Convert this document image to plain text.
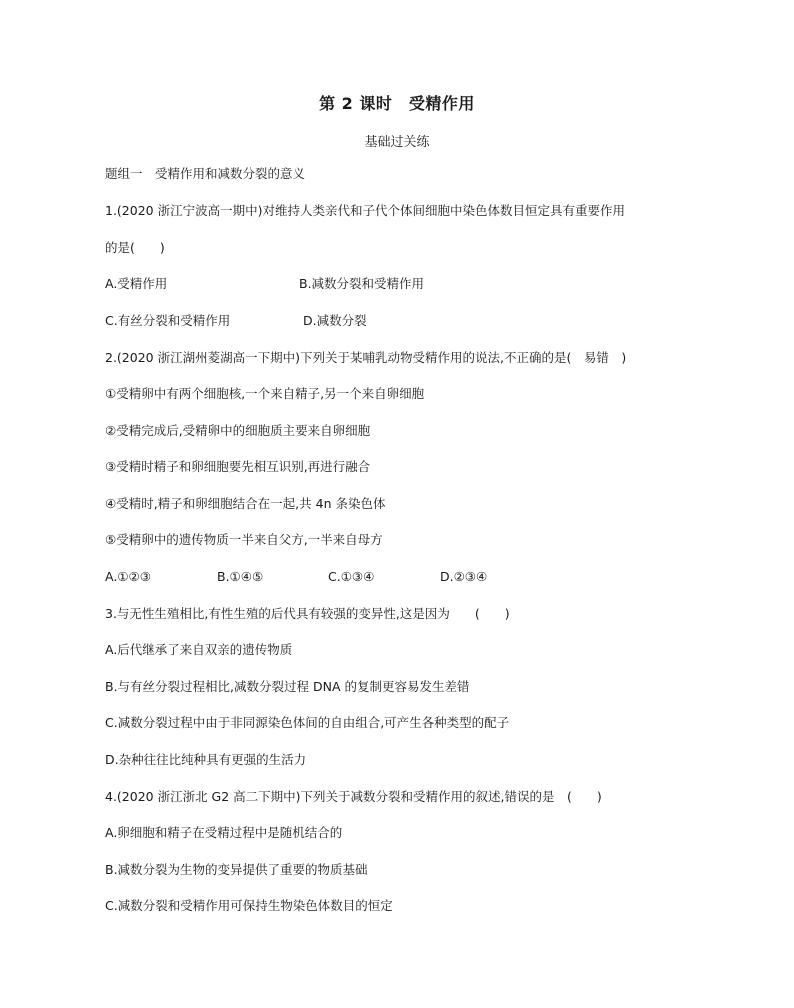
第 2 课时　受精作用
基础过关练
题组一　受精作用和减数分裂的意义
1.(2020 浙江宁波高一期中)对维持人类亲代和子代个体间细胞中染色体数目恒定具有重要作用
的是(　　)

A.受精作用

	B.减数分裂和受精作用

C.有丝分裂和受精作用

	D.减数分裂

2.(2020 浙江湖州菱湖高一下期中)下列关于某哺乳动物受精作用的说法,不正确的是(　易错　)
①受精卵中有两个细胞核,一个来自精子,另一个来自卵细胞
②受精完成后,受精卵中的细胞质主要来自卵细胞
③受精时精子和卵细胞要先相互识别,再进行融合
④受精时,精子和卵细胞结合在一起,共 4n 条染色体
⑤受精卵中的遗传物质一半来自父方,一半来自母方

A.①②③

	B.①④⑤

	C.①③④

	D.②③④

3.与无性生殖相比,有性生殖的后代具有较强的变异性,这是因为　　(　　)
A.后代继承了来自双亲的遗传物质
B.与有丝分裂过程相比,减数分裂过程 DNA 的复制更容易发生差错
C.减数分裂过程中由于非同源染色体间的自由组合,可产生各种类型的配子
D.杂种往往比纯种具有更强的生活力
4.(2020 浙江浙北 G2 高二下期中)下列关于减数分裂和受精作用的叙述,错误的是　(　　)
A.卵细胞和精子在受精过程中是随机结合的
B.减数分裂为生物的变异提供了重要的物质基础
C.减数分裂和受精作用可保持生物染色体数目的恒定
